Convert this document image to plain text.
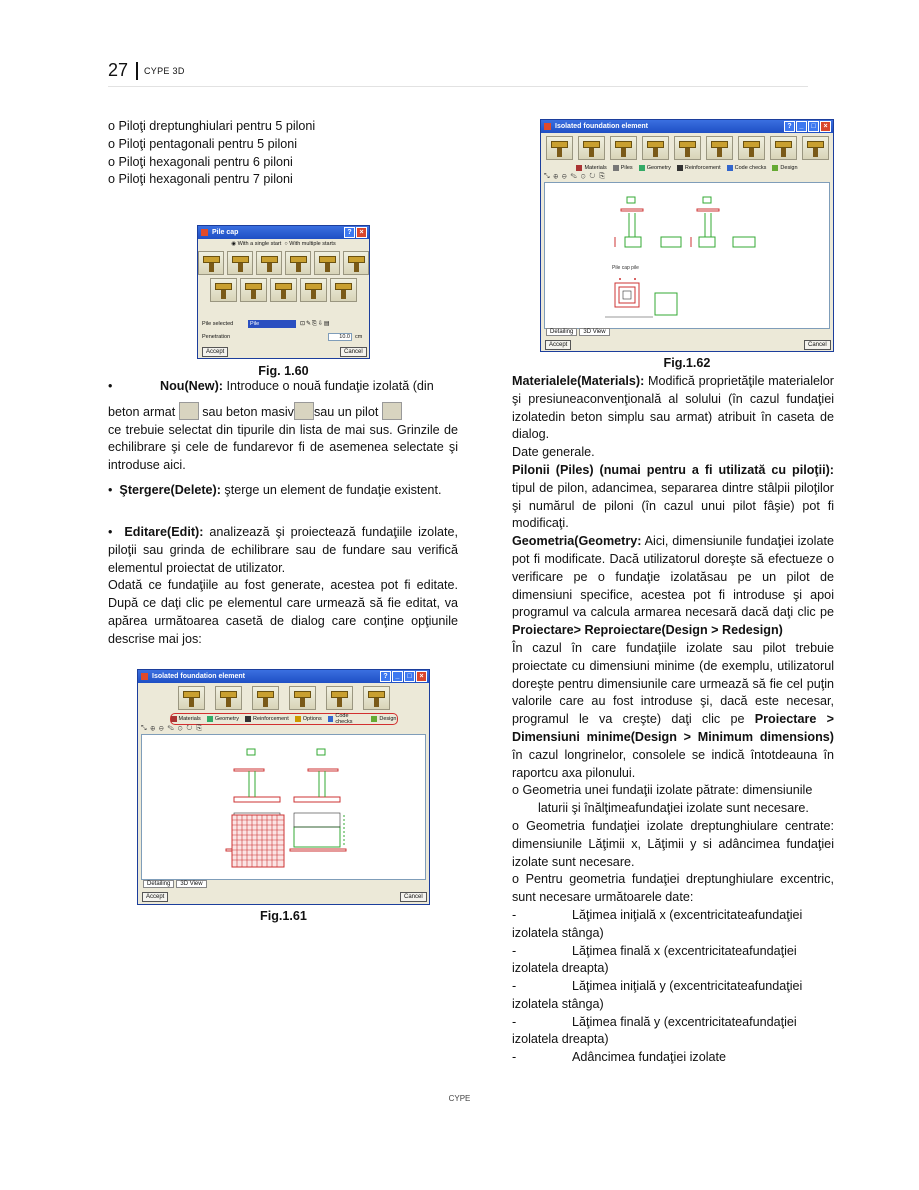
27 CYPE 3D

o Piloţi dreptunghiulari pentru 5 piloni

o Piloţi pentagonali pentru 5 piloni

o Piloţi hexagonali pentru 6 piloni

o Piloţi hexagonali pentru 7 piloni

Pile cap	?	×
◉ With a single start ○ With multiple starts
Pile selected	Pile	⊡✎⎘⇩▤
Penetration	10.0 cm
Accept	Cancel
Fig. 1.60

•	Nou(New): Introduce o nouă fundaţie izolată (din

beton armat  sau beton masiv sau un pilot

ce trebuie selectat din tipurile din lista de mai sus. Grinzile de echilibrare şi cele de fundarevor fi de asemenea selectate şi introduse aici.

• Ştergere(Delete): şterge un element de fundaţie existent.

• Editare(Edit): analizează şi proiectează fundaţiile izolate, piloţii sau grinda de echilibrare sau de fundare sau verifică elementul proiectat de utilizator.

Odată ce fundaţiile au fost generate, acestea pot fi editate. După ce daţi clic pe elementul care urmează să fie editat, va apărea următoarea casetă de dialog care conţine opţiunile descrise mai jos:

Isolated foundation element	?	_	□	×
Materials	Geometry	Reinforcement	Options Code checks	Design
⤡ ⊕ ⊖ ✎ ⊙ ↻ ⎘
Detailing	3D View
Accept	Cancel
Fig.1.61
Isolated foundation element	?	_	□	×
Materials	Piles	Geometry	Reinforcement	Code checks	Design
⤡ ⊕ ⊖ ✎ ⊙ ↻ ⎘
Pile cap pile
Detailing	3D View
Accept	Cancel
Fig.1.62

Materialele(Materials): Modifică proprietăţile materialelor şi presiuneaconvenţională al solului (în cazul fundaţiei izolatedin beton simplu sau armat) atribuit în caseta de dialog.

Date generale.

Pilonii (Piles) (numai pentru a fi utilizată cu piloţii): tipul de pilon, adancimea, separarea dintre stâlpii piloţilor şi numărul de piloni (în cazul unui pilot fâşie) pot fi modificaţi.

Geometria(Geometry: Aici, dimensiunile fundaţiei izolate pot fi modificate. Dacă utilizatorul doreşte să efectueze o verificare pe o fundaţie izolatăsau pe un pilot de dimensiuni specifice, acestea pot fi introduse şi apoi programul va calcula armarea necesară dacă daţi clic pe Proiectare> Reproiectare(Design > Redesign)

În cazul în care fundaţiile izolate sau pilot trebuie proiectate cu dimensiuni minime (de exemplu, utilizatorul doreşte pentru dimensiunile care urmează să fie cel puţin valorile care au fost introduse şi, dacă este necesar, programul le va creşte) daţi clic pe Proiectare > Dimensiuni minime(Design > Minimum dimensions) în cazul longrinelor, consolele se indică întotdeauna în raportcu axa pilonului.

o Geometria unei fundaţii izolate pătrate: dimensiunile
laturii şi înălţimeafundaţiei izolate sunt necesare.

o Geometria fundaţiei izolate dreptunghiulare centrate: dimensiunile Lăţimii x, Lăţimii y si adâncimea fundaţiei izolate sunt necesare.

o Pentru geometria fundaţiei dreptunghiulare excentric, sunt necesare următoarele date:

-	Lăţimea iniţială x (excentricitateafundaţiei
izolatela stânga)
-	Lăţimea finală x (excentricitateafundaţiei
izolatela dreapta)
-	Lăţimea iniţială y (excentricitateafundaţiei
izolatela stânga)
-	Lăţimea finală y (excentricitateafundaţiei
izolatela dreapta)
-	Adâncimea fundaţiei izolate
CYPE
